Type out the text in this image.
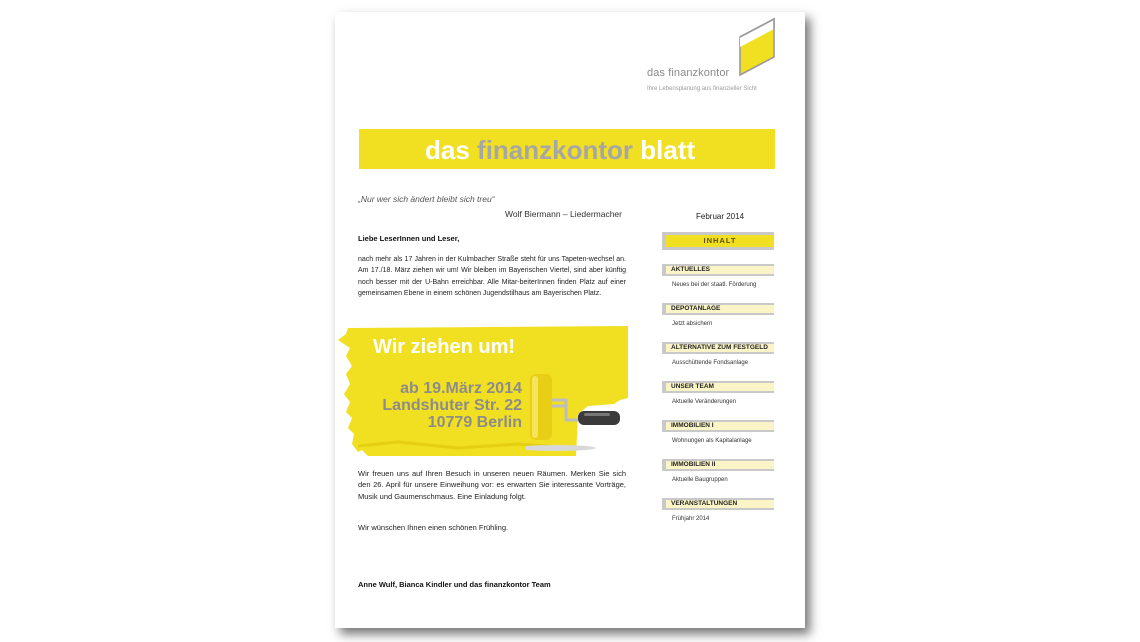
das finanzkontor
Ihre Lebensplanung aus finanzieller Sicht
das finanzkontor blatt
„Nur wer sich ändert bleibt sich treu“
Wolf Biermann – Liedermacher	Februar 2014
Liebe LeserInnen und Leser,
nach mehr als 17 Jahren in der Kulmbacher Straße steht für uns Tapeten-wechsel an. Am 17./18. März ziehen wir um! Wir bleiben im Bayerischen Viertel, sind aber künftig noch besser mit der U-Bahn erreichbar. Alle Mitar-beiterInnen finden Platz auf einer gemeinsamen Ebene in einem schönen Jugendstilhaus am Bayerischen Platz.
Wir ziehen um!
ab 19.März 2014
Landshuter Str. 22
10779 Berlin
Wir freuen uns auf Ihren Besuch in unseren neuen Räumen. Merken Sie sich den 26. April für unsere Einweihung vor: es erwarten Sie interessante Vorträge, Musik und Gaumenschmaus. Eine Einladung folgt.
Wir wünschen Ihnen einen schönen Frühling.
Anne Wulf, Bianca Kindler und das finanzkontor Team
INHALT
AKTUELLES
Neues bei der staatl. Förderung
DEPOTANLAGE
Jetzt absichern
ALTERNATIVE ZUM FESTGELD
Ausschüttende Fondsanlage
UNSER TEAM
Aktuelle Veränderungen
IMMOBILIEN I
Wohnungen als Kapitalanlage
IMMOBILIEN II
Aktuelle Baugruppen
VERANSTALTUNGEN
Frühjahr 2014
